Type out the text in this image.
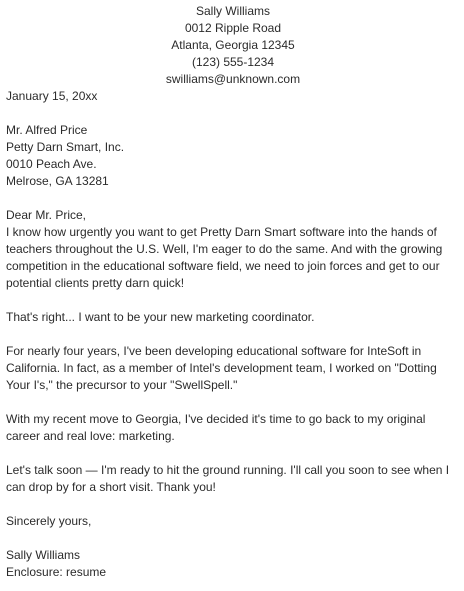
Sally Williams
0012 Ripple Road
Atlanta, Georgia 12345
(123) 555-1234
swilliams@unknown.com
January 15, 20xx
Mr. Alfred Price
Petty Darn Smart, Inc.
0010 Peach Ave.
Melrose, GA 13281
Dear Mr. Price,
I know how urgently you want to get Pretty Darn Smart software into the hands of teachers throughout the U.S. Well, I'm eager to do the same. And with the growing competition in the educational software field, we need to join forces and get to our potential clients pretty darn quick!
That's right... I want to be your new marketing coordinator.
For nearly four years, I've been developing educational software for InteSoft in California. In fact, as a member of Intel's development team, I worked on "Dotting Your I's," the precursor to your "SwellSpell."
With my recent move to Georgia, I've decided it's time to go back to my original career and real love: marketing.
Let's talk soon — I'm ready to hit the ground running. I'll call you soon to see when I can drop by for a short visit. Thank you!
Sincerely yours,
Sally Williams
Enclosure: resume
